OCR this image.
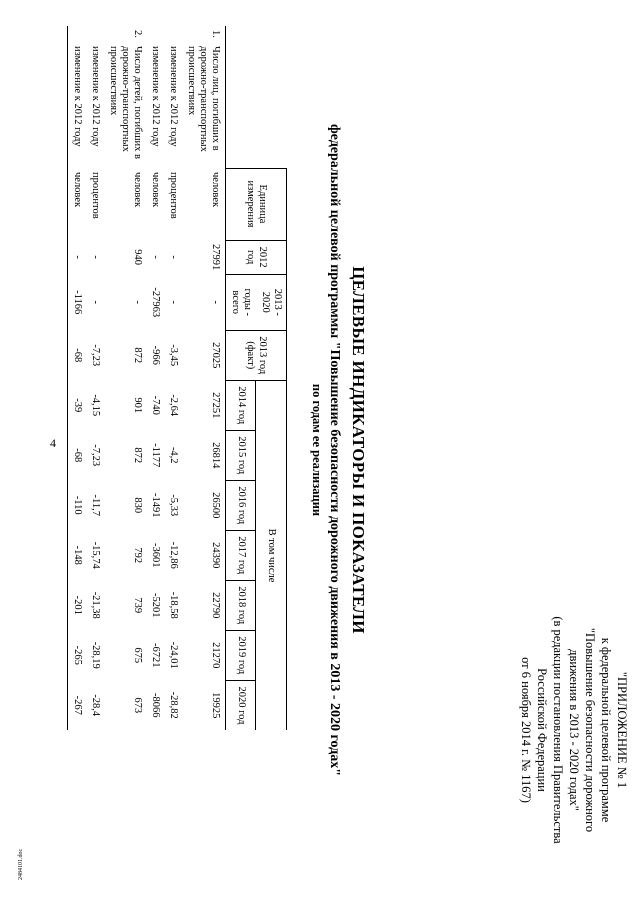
4
2484101.doc
"ПРИЛОЖЕНИЕ № 1
к федеральной целевой программе
"Повышение безопасности дорожного
движения в 2013 - 2020 годах"
(в редакции постановления Правительства
Российской Федерации
от 6 ноября 2014 г. № 1167)
ЦЕЛЕВЫЕ ИНДИКАТОРЫ И ПОКАЗАТЕЛИ
федеральной целевой программы "Повышение безопасности дорожного движения в 2013 - 2020 годах"
по годам ее реализации
		Единица измерения	2012 год	2013 - 2020	2013 год (факт)	В том числе						
				годы - всего		2014 год	2015 год	2016 год	2017 год	2018 год	2019 год	2020 год

1.	Число лиц, погибших в дорожно-транспортных происшествиях	человек	27991	-	27025	27251	26814	26500	24390	22790	21270	19925
	изменение к 2012 году	процентов	-	-	-3,45	-2,64	-4,2	-5,33	-12,86	-18,58	-24,01	-28,82
	изменение к 2012 году	человек	-	-27963	-966	-740	-1177	-1491	-3601	-5201	-6721	-8066
2.	Число детей, погибших в дорожно-транспортных происшествиях	человек	940	-	872	901	872	830	792	739	675	673
	изменение к 2012 году	процентов	-	-	-7,23	-4,15	-7,23	-11,7	-15,74	-21,38	-28,19	-28,4
	изменение к 2012 году	человек	-	-1166	-68	-39	-68	-110	-148	-201	-265	-267
